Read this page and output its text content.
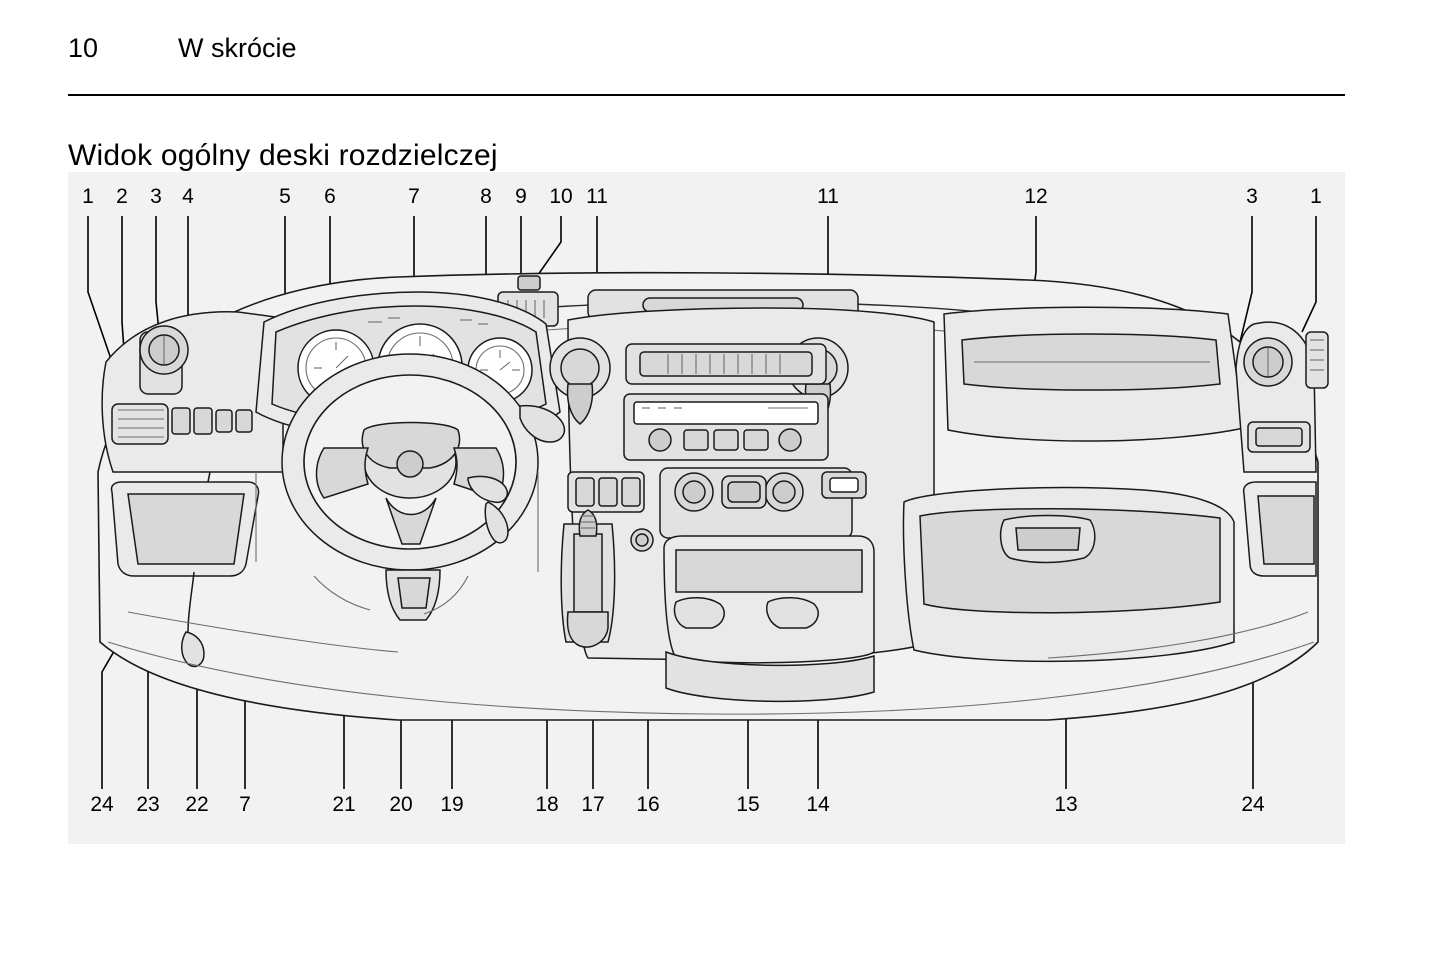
10	W skrócie
Widok ogólny deski rozdzielczej
1	2	3 4	5	6	7	8	9	10 11	11	12	3	1
24 23 22	7	21 20 19	18 17 16	15 14	13	24
